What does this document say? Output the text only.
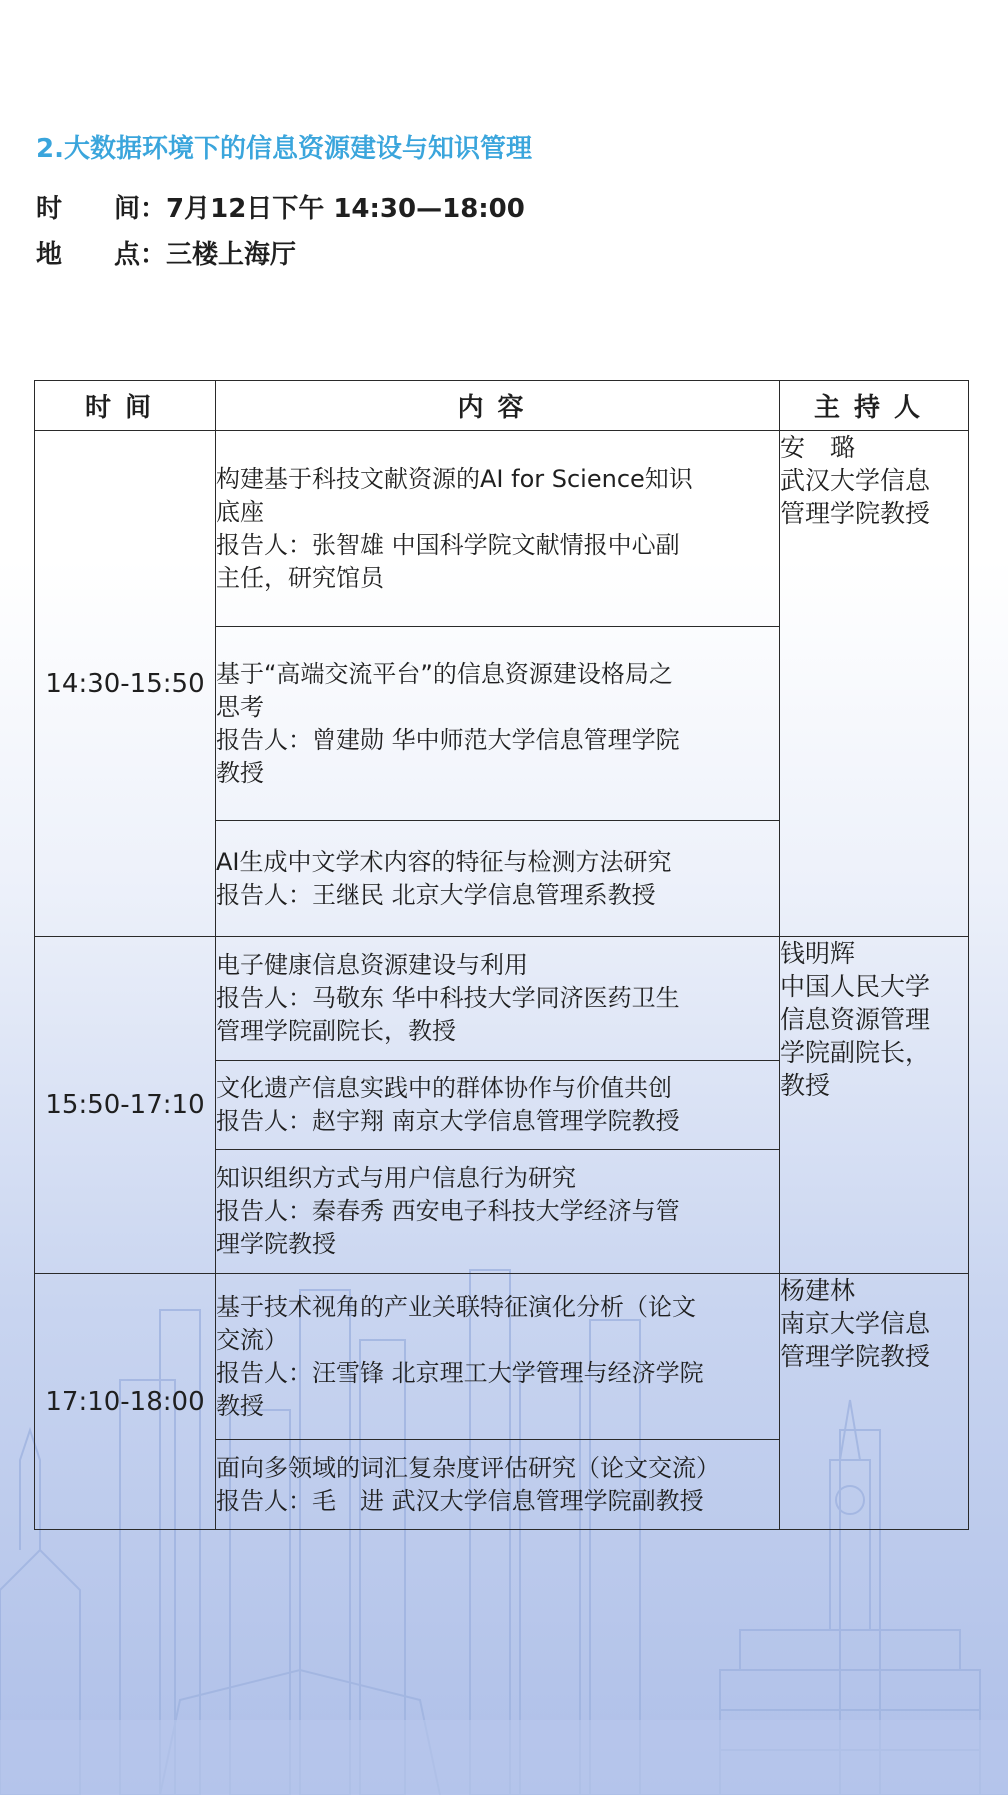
2.大数据环境下的信息资源建设与知识管理
时　　间：7月12日下午 14:30—18:00
地　　点：三楼上海厅
时间	内容	主持人
14:30-15:50	构建基于科技文献资源的AI for Science知识
底座
报告人：张智雄 中国科学院文献情报中心副
主任，研究馆员	安　璐
武汉大学信息
管理学院教授

	基于“高端交流平台”的信息资源建设格局之
思考
报告人：曾建勋 华中师范大学信息管理学院
教授	

	AI生成中文学术内容的特征与检测方法研究
报告人：王继民 北京大学信息管理系教授	

15:50-17:10	电子健康信息资源建设与利用
报告人：马敬东 华中科技大学同济医药卫生
管理学院副院长，教授	钱明辉
中国人民大学
信息资源管理
学院副院长，
教授

	文化遗产信息实践中的群体协作与价值共创
报告人：赵宇翔 南京大学信息管理学院教授	

	知识组织方式与用户信息行为研究
报告人：秦春秀 西安电子科技大学经济与管
理学院教授	

17:10-18:00	基于技术视角的产业关联特征演化分析（论文
交流）
报告人：汪雪锋 北京理工大学管理与经济学院
教授	杨建林
南京大学信息
管理学院教授

	面向多领域的词汇复杂度评估研究（论文交流）
报告人：毛　进 武汉大学信息管理学院副教授	
